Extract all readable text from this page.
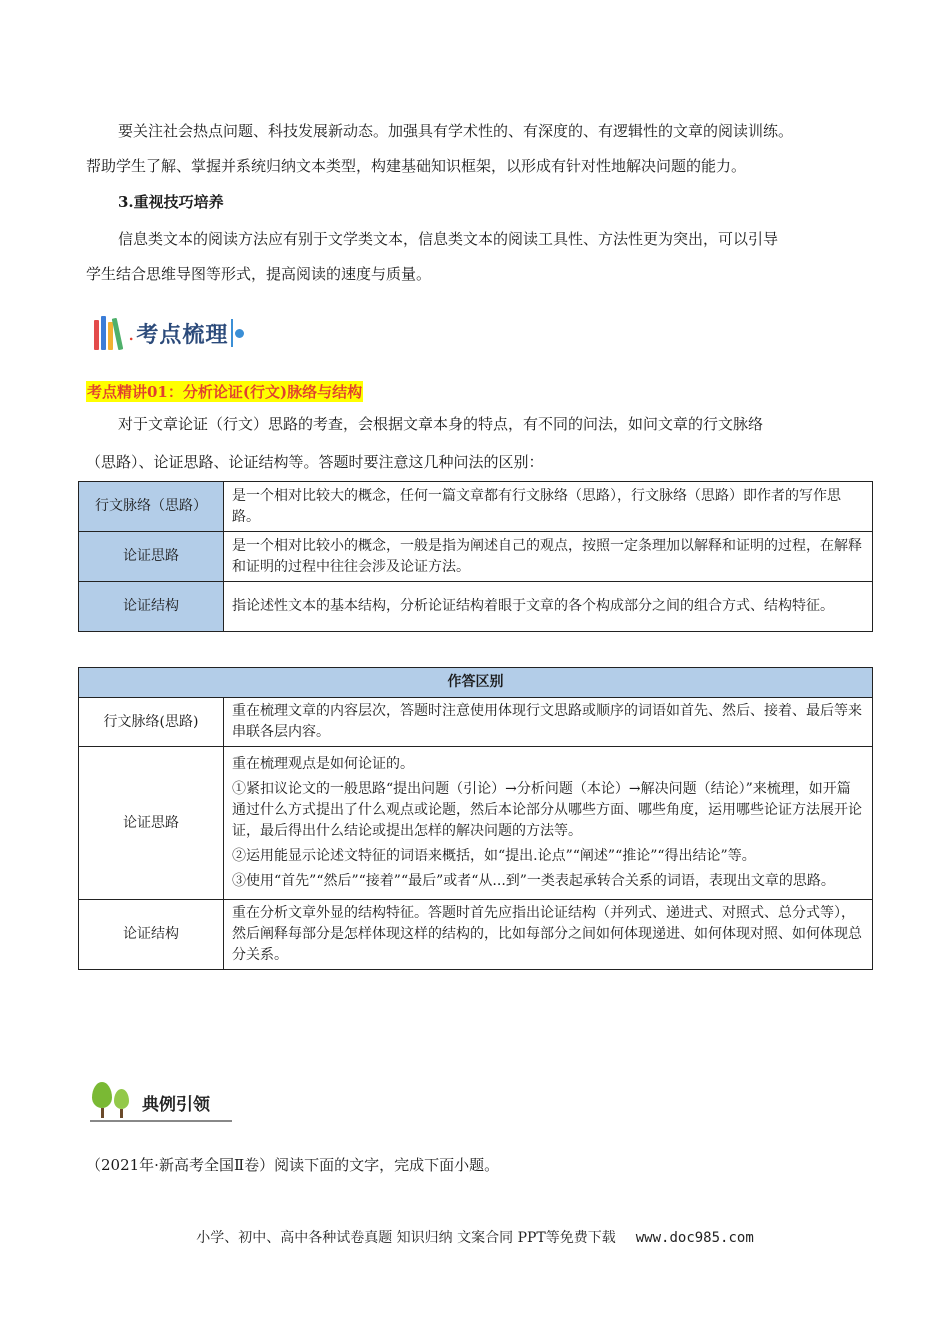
要关注社会热点问题、科技发展新动态。加强具有学术性的、有深度的、有逻辑性的文章的阅读训练。

帮助学生了解、掌握并系统归纳文本类型，构建基础知识框架，以形成有针对性地解决问题的能力。

3.重视技巧培养

信息类文本的阅读方法应有别于文学类文本，信息类文本的阅读工具性、方法性更为突出，可以引导

学生结合思维导图等形式，提高阅读的速度与质量。

. 考点梳理

考点精讲01：分析论证(行文)脉络与结构

对于文章论证（行文）思路的考查，会根据文章本身的特点，有不同的问法，如问文章的行文脉络

（思路）、论证思路、论证结构等。答题时要注意这几种问法的区别：

行文脉络（思路）	是一个相对比较大的概念，任何一篇文章都有行文脉络（思路），行文脉络（思路）即作者的写作思路。
论证思路	是一个相对比较小的概念，一般是指为阐述自己的观点，按照一定条理加以解释和证明的过程，在解释和证明的过程中往往会涉及论证方法。
论证结构	指论述性文本的基本结构，分析论证结构着眼于文章的各个构成部分之间的组合方式、结构特征。
作答区别	
行文脉络(思路)	重在梳理文章的内容层次，答题时注意使用体现行文思路或顺序的词语如首先、然后、接着、最后等来串联各层内容。
论证思路	重在梳理观点是如何论证的。

①紧扣议论文的一般思路“提出问题（引论）→分析问题（本论）→解决问题（结论）”来梳理，如开篇通过什么方式提出了什么观点或论题，然后本论部分从哪些方面、哪些角度，运用哪些论证方法展开论证，最后得出什么结论或提出怎样的解决问题的方法等。

②运用能显示论述文特征的词语来概括，如“提出.论点”“阐述”“推论”“得出结论”等。

③使用“首先”“然后”“接着”“最后”或者“从...到”一类表起承转合关系的词语，表现出文章的思路。

论证结构	重在分析文章外显的结构特征。答题时首先应指出论证结构（并列式、递进式、对照式、总分式等），然后阐释每部分是怎样体现这样的结构的，比如每部分之间如何体现递进、如何体现对照、如何体现总分关系。
典例引领

（2021年·新高考全国Ⅱ卷）阅读下面的文字，完成下面小题。

小学、初中、高中各种试卷真题 知识归纳 文案合同 PPT等免费下载 www.doc985.com
